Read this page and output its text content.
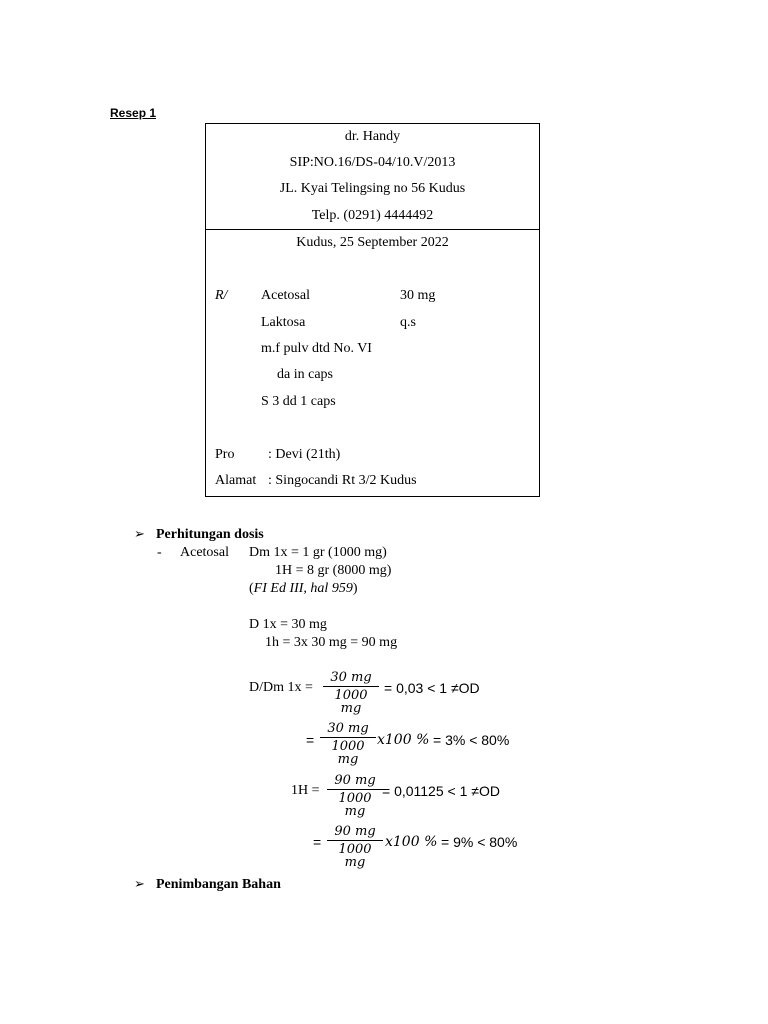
Resep 1
dr. Handy
SIP:NO.16/DS-04/10.V/2013
JL. Kyai Telingsing no 56 Kudus
Telp. (0291) 4444492
Kudus, 25 September 2022
R/ Acetosal	30 mg
Laktosa	q.s
m.f pulv dtd No. VI
da in caps
S 3 dd 1 caps
Pro : Devi (21th)
Alamat : Singocandi Rt 3/2 Kudus
➢ Perhitungan dosis
- Acetosal Dm 1x = 1 gr (1000 mg)
1H = 8 gr (8000 mg)
(FI Ed III, hal 959)
D 1x = 30 mg
1h = 3x 30 mg = 90 mg
D/Dm 1x =
30 mg
1000 mg
= 0,03 < 1 ≠OD
=
30 mg
1000 mg
x100 % = 3% < 80%
1H =
90 mg
1000 mg
= 0,01125 < 1 ≠OD
=
90 mg
1000 mg
x100 % = 9% < 80%
➢ Penimbangan Bahan
